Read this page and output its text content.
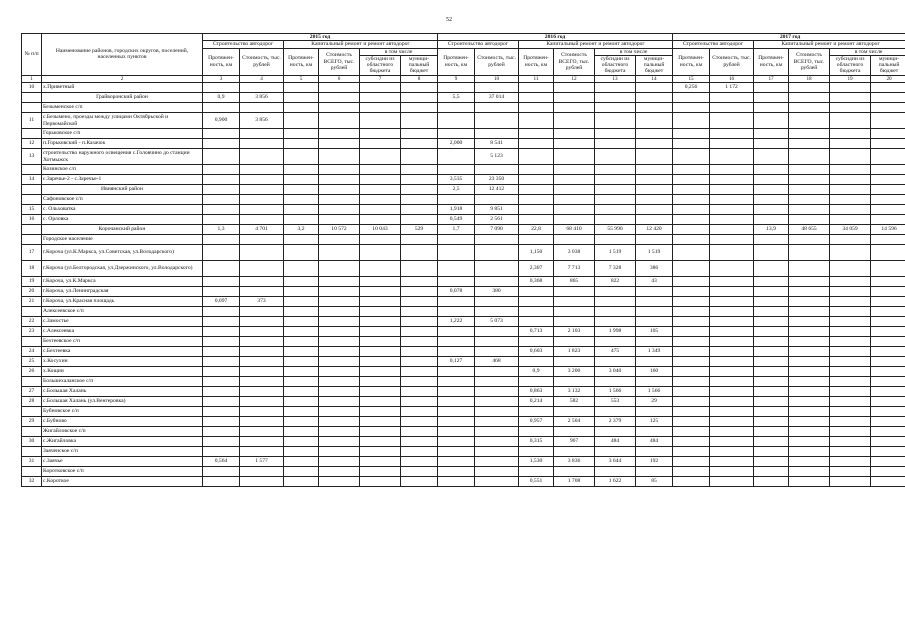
52
№ п/п	Наименование районов, городских округов, поселений, населенных пунктов	2015 год						2016 год						2017 год					
		Строительство автодорог		Капитальный ремонт и ремонт автодорог				Строительство автодорог		Капитальный ремонт и ремонт автодорог				Строительство автодорог		Капитальный ремонт и ремонт автодорог			
		Протяжен-ность, км	Стоимость, тыс. рублей	Протяжен-ность, км	Стоимость ВСЕГО, тыс. рублей	в том числе		Протяжен-ность, км	Стоимость, тыс. рублей	Протяжен-ность, км	Стоимость ВСЕГО, тыс. рублей	в том числе		Протяжен-ность, км	Стоимость, тыс. рублей	Протяжен-ность, км	Стоимость ВСЕГО, тыс. рублей	в том числе	
						субсидии из областного бюджета	муници-пальный бюджет					субсидии из областного бюджета	муници-пальный бюджет					субсидии из областного бюджета	муници-пальный бюджет
1	2	3	4	5	6	7	8	9	10	11	12	13	14	15	16	17	18	19	20
10	х.Приветный													0,256	1 172				
	Грайворонский район	0,9	3 856					5,5	37 014										
	Безыменское с/п																		
11	с.Безымено, проезды между улицами Октябрьской и Первомайской	0,900	3 856																
	Горьковское с/п																		
12	п.Горьковский - п.Казачок							2,000	8 541										
13	строительство наружного освещения с.Головчино до станции Хотмыжск								5 123										
	Козинское с/п																		
14	с.Заречье-2 - с.Заречье-1							3,535	23 350										
	Ивнянский район							2,5	12 412										
	Сафоновское с/п																		
15	с. Ольховатка							1,918	9 851										
16	с. Орловка							0,549	2 561										
	Корочанский район	1,3	4 701	3,2	10 572	10 043	529	1,7	7 090	22,8	68 410	55 990	12 420			13,9	48 655	34 059	14 596
	Городское население																		
17	г.Короча (ул.К.Маркса, ул.Советская, ул.Володарского)									1,150	3 038	1 519	1 519						
18	г.Короча (ул.Белгородская, ул.Дзержинского, ул.Володарского)									2,307	7 713	7 328	386						
19	г.Короча, ул.К.Маркса									0,368	865	822	43						
20	г.Короча, ул.Ленинградская							0,078	380										
21	г.Короча, ул.Красная площадь	0,097	373																
	Алексеевское с/п																		
22	с.Замостье							1,222	5 073										
23	с.Алексеевка									0,713	2 103	1 998	105						
	Бехтеевское с/п																		
24	с.Бехтеевка									0,603	1 823	475	1 349						
25	х.Косухин							0,127	468										
26	х.Кощин									0,9	3 200	3 040	160						
	Большехаланское с/п																		
27	с.Большая Халань									0,863	3 132	1 566	1 566						
28	с.Большая Халань (ул.Венгеровка)									0,214	582	553	29						
	Бубновское с/п																		
29	с.Бубново									0,957	2 504	2 379	125						
	Жигайловское с/п																		
30	с.Жигайловка									0,315	967	484	484						
	Заяченское с/п																		
31	с.Заячье	0,564	1 577							1,530	3 836	3 644	192						
	Коротковское с/п																		
32	с.Короткое									0,551	1 708	1 622	85						
